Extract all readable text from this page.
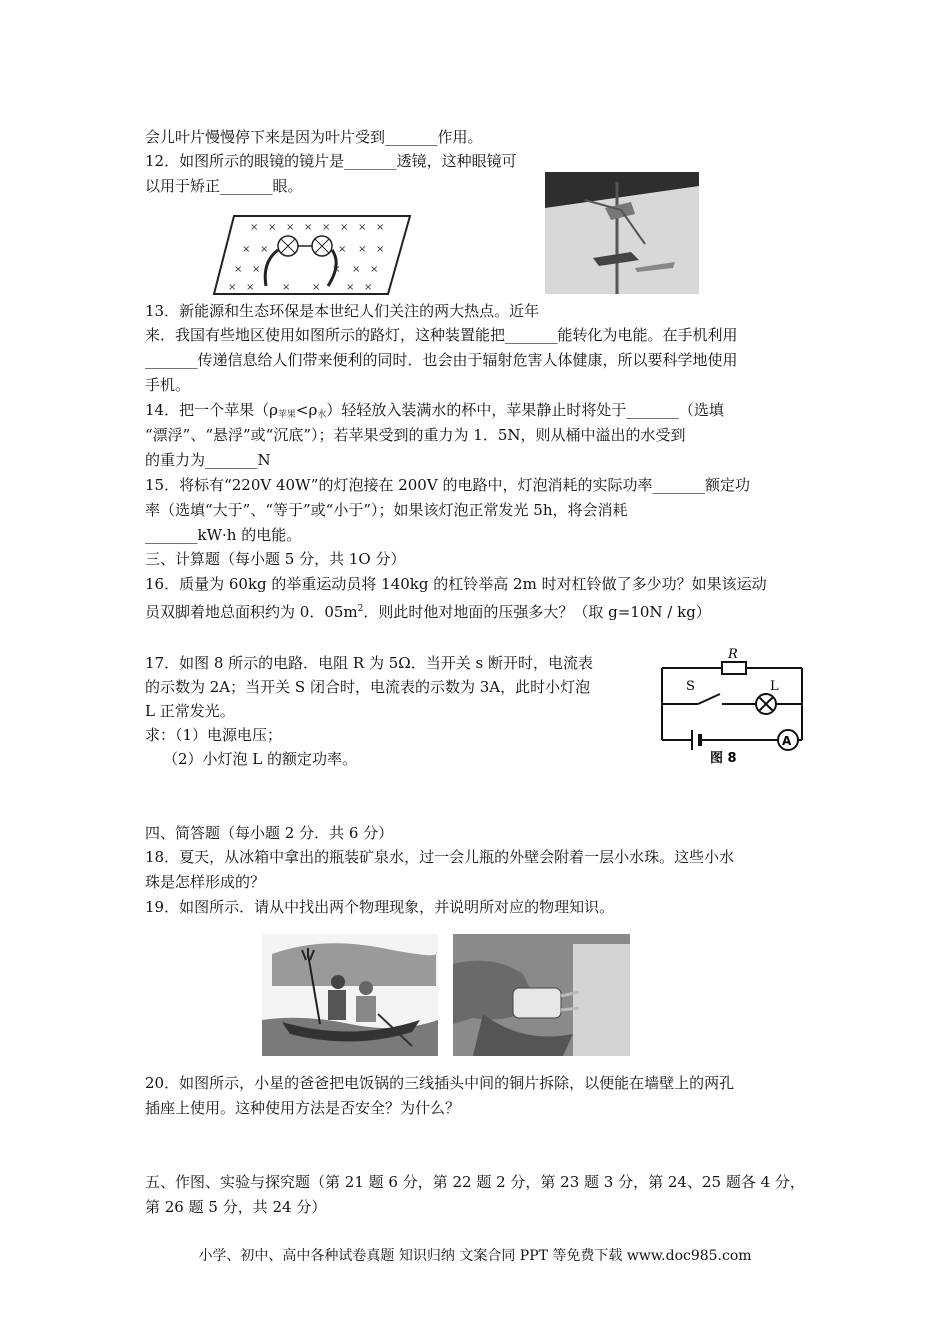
会儿叶片慢慢停下来是因为叶片受到_______作用。
12．如图所示的眼镜的镜片是_______透镜，这种眼镜可
以用于矫正_______眼。
× × × × × × × ×
× ×	× × ×
× ×	× × ×
× ×	× ×	× ×
13．新能源和生态环保是本世纪人们关注的两大热点。近年
来．我国有些地区使用如图所示的路灯，这种装置能把_______能转化为电能。在手机利用
_______传递信息给人们带来便利的同时．也会由于辐射危害人体健康，所以要科学地使用
手机。
14．把一个苹果$(\rho_{苹果}<\rho_水)$轻轻放入装满水的杯中，苹果静止时将处于_______（选填
“漂浮”、“悬浮”或“沉底”）；若苹果受到的重力为 1．5N，则从桶中溢出的水受到
的重力为_______N
15．将标有“220V 40W”的灯泡接在 200V 的电路中，灯泡消耗的实际功率_______额定功
率（选填“大于”、“等于”或“小于”）；如果该灯泡正常发光 5h，将会消耗
_______kW·h 的电能。
三、计算题（每小题 5 分，共 1O 分）
16．质量为 60kg 的举重运动员将 140kg 的杠铃举高 2m 时对杠铃做了多少功？如果该运动
员双脚着地总面积约为 0．$05m^2$．则此时他对地面的压强多大？（取 g=10N / kg）
17．如图 8 所示的电路．电阻 R 为 5Ω．当开关 s 断开时，电流表
的示数为 2A；当开关 S 闭合时，电流表的示数为 3A，此时小灯泡
L 正常发光。
求：（1）电源电压；
（2）小灯泡 L 的额定功率。
R
S	L
A
图 8
四、简答题（每小题 2 分．共 6 分）
18．夏天，从冰箱中拿出的瓶装矿泉水，过一会儿瓶的外壁会附着一层小水珠。这些小水
珠是怎样形成的？
19．如图所示．请从中找出两个物理现象，并说明所对应的物理知识。
20．如图所示，小星的爸爸把电饭锅的三线插头中间的铜片拆除，以便能在墙壁上的两孔
插座上使用。这种使用方法是否安全？为什么？
五、作图、实验与探究题（第 21 题 6 分，第 22 题 2 分，第 23 题 3 分，第 24、25 题各 4 分，
第 26 题 5 分，共 24 分）
小学、初中、高中各种试卷真题 知识归纳 文案合同 PPT 等免费下载 www.doc985.com
